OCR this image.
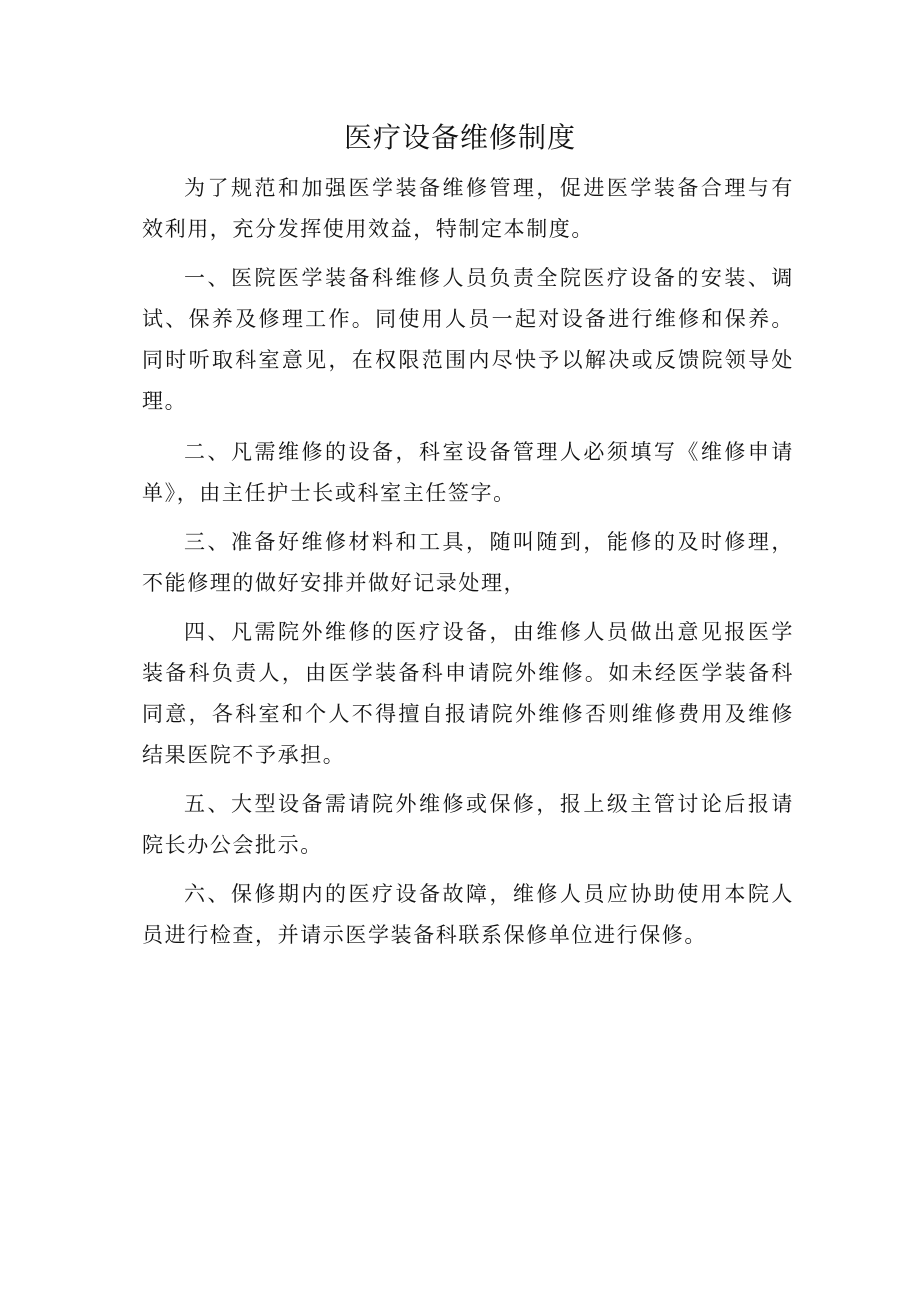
医疗设备维修制度

为了规范和加强医学装备维修管理，促进医学装备合理与有效利用，充分发挥使用效益，特制定本制度。

一、医院医学装备科维修人员负责全院医疗设备的安装、调试、保养及修理工作。同使用人员一起对设备进行维修和保养。同时听取科室意见，在权限范围内尽快予以解决或反馈院领导处理。

二、凡需维修的设备，科室设备管理人必须填写《维修申请单》，由主任护士长或科室主任签字。

三、准备好维修材料和工具，随叫随到，能修的及时修理，不能修理的做好安排并做好记录处理，

四、凡需院外维修的医疗设备，由维修人员做出意见报医学装备科负责人，由医学装备科申请院外维修。如未经医学装备科同意，各科室和个人不得擅自报请院外维修否则维修费用及维修结果医院不予承担。

五、大型设备需请院外维修或保修，报上级主管讨论后报请院长办公会批示。

六、保修期内的医疗设备故障，维修人员应协助使用本院人员进行检查，并请示医学装备科联系保修单位进行保修。
